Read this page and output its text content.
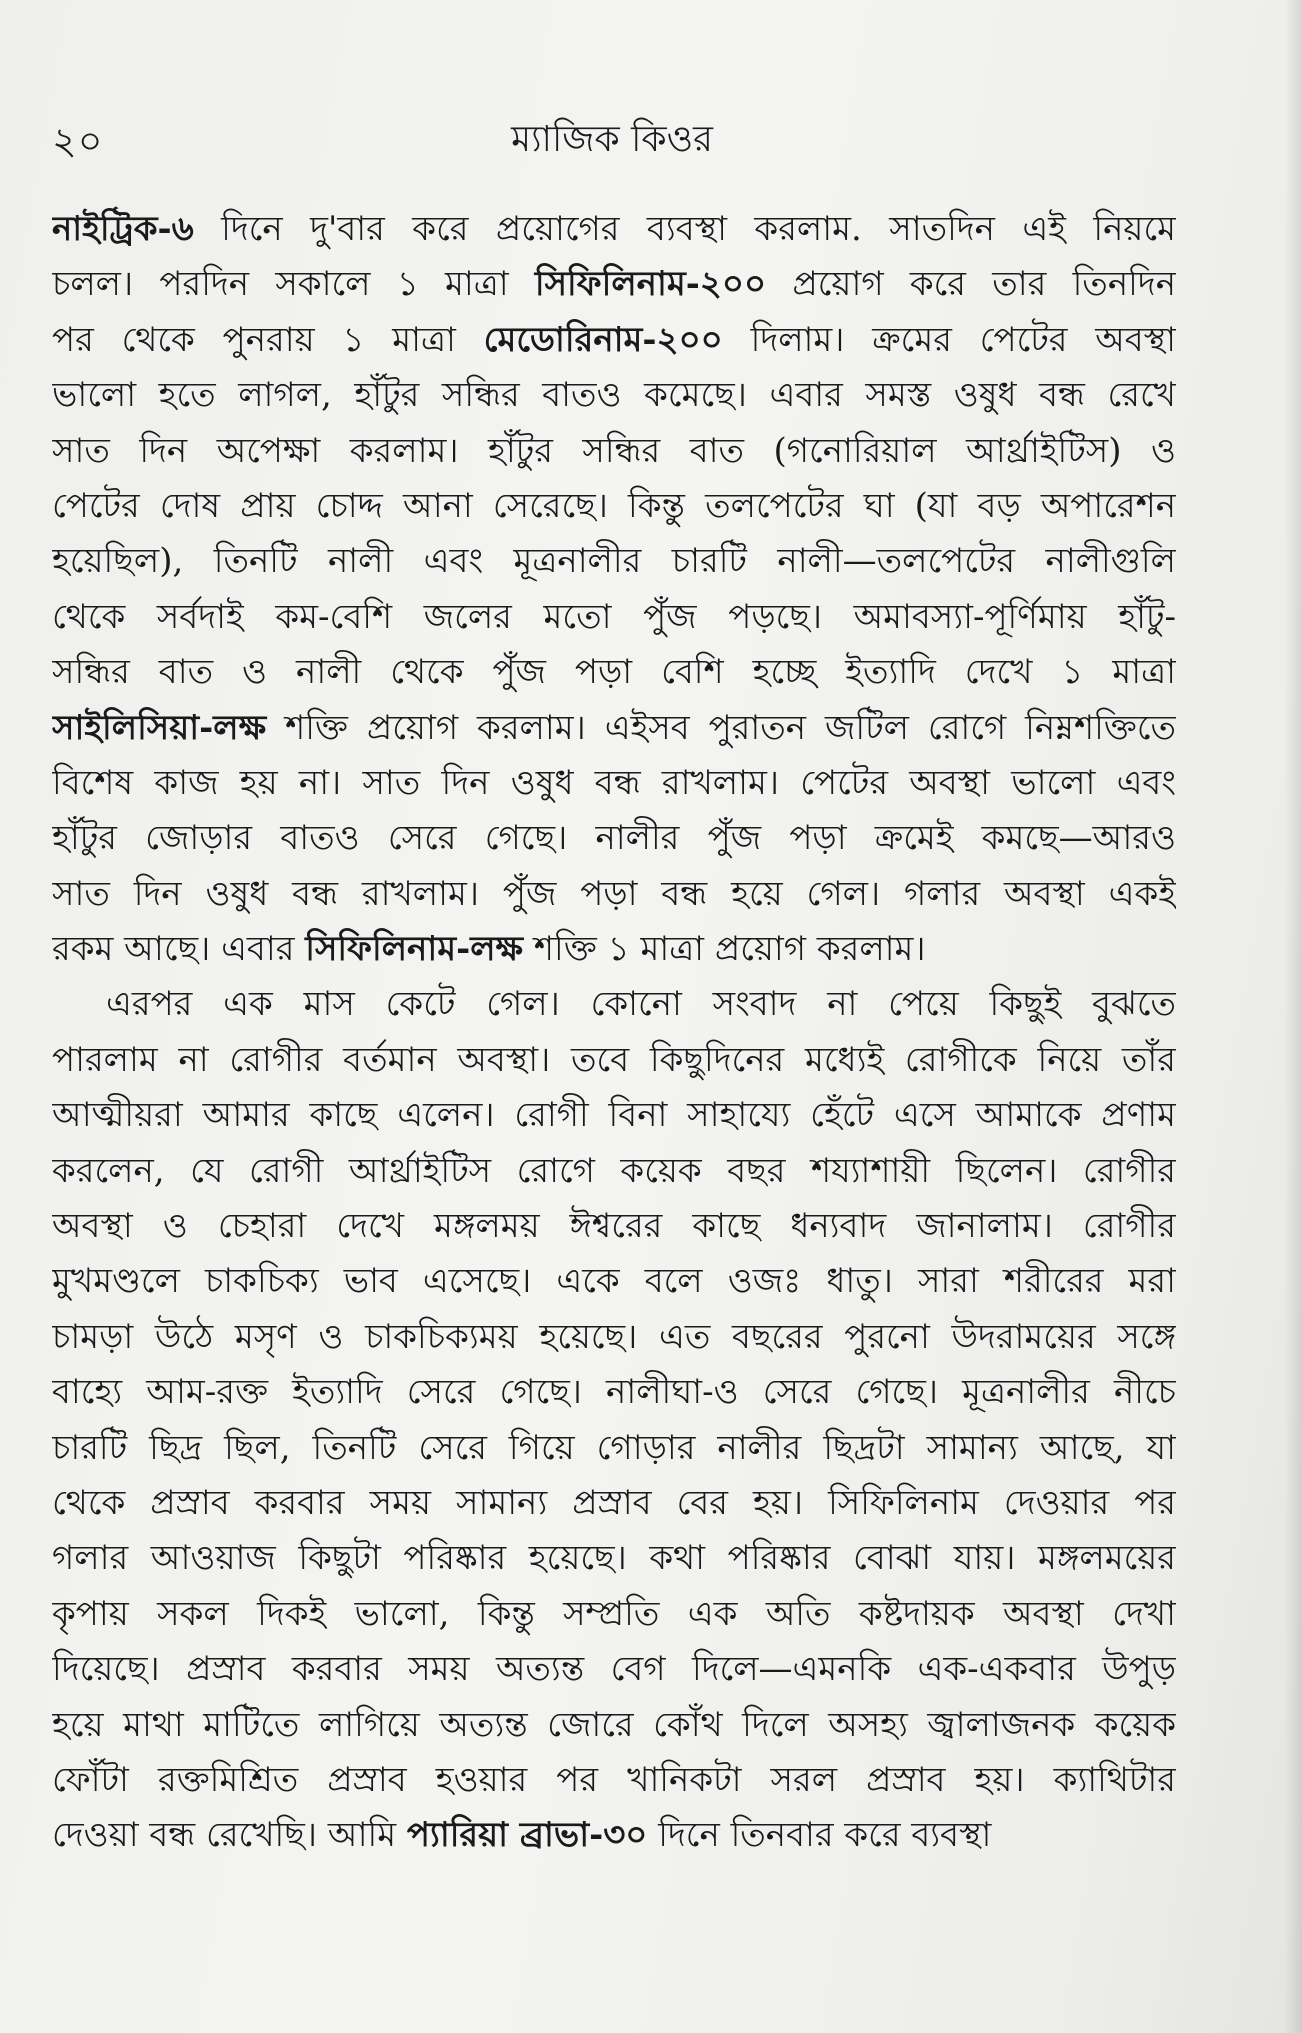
২০	ম্যাজিক কিওর
নাইট্রিক-৬ দিনে দু'বার করে প্রয়োগের ব্যবস্থা করলাম. সাতদিন এই নিয়মে
চলল। পরদিন সকালে ১ মাত্রা সিফিলিনাম-২০০ প্রয়োগ করে তার তিনদিন
পর থেকে পুনরায় ১ মাত্রা মেডোরিনাম-২০০ দিলাম। ক্রমের পেটের অবস্থা
ভালো হতে লাগল, হাঁটুর সন্ধির বাতও কমেছে। এবার সমস্ত ওষুধ বন্ধ রেখে
সাত দিন অপেক্ষা করলাম। হাঁটুর সন্ধির বাত (গনোরিয়াল আর্থ্রাইটিস) ও
পেটের দোষ প্রায় চোদ্দ আনা সেরেছে। কিন্তু তলপেটের ঘা (যা বড় অপারেশন
হয়েছিল), তিনটি নালী এবং মূত্রনালীর চারটি নালী—তলপেটের নালীগুলি
থেকে সর্বদাই কম-বেশি জলের মতো পুঁজ পড়ছে। অমাবস্যা-পূর্ণিমায় হাঁটু-
সন্ধির বাত ও নালী থেকে পুঁজ পড়া বেশি হচ্ছে ইত্যাদি দেখে ১ মাত্রা
সাইলিসিয়া-লক্ষ শক্তি প্রয়োগ করলাম। এইসব পুরাতন জটিল রোগে নিম্নশক্তিতে
বিশেষ কাজ হয় না। সাত দিন ওষুধ বন্ধ রাখলাম। পেটের অবস্থা ভালো এবং
হাঁটুর জোড়ার বাতও সেরে গেছে। নালীর পুঁজ পড়া ক্রমেই কমছে—আরও
সাত দিন ওষুধ বন্ধ রাখলাম। পুঁজ পড়া বন্ধ হয়ে গেল। গলার অবস্থা একই
রকম আছে। এবার সিফিলিনাম-লক্ষ শক্তি ১ মাত্রা প্রয়োগ করলাম।
এরপর এক মাস কেটে গেল। কোনো সংবাদ না পেয়ে কিছুই বুঝতে
পারলাম না রোগীর বর্তমান অবস্থা। তবে কিছুদিনের মধ্যেই রোগীকে নিয়ে তাঁর
আত্মীয়রা আমার কাছে এলেন। রোগী বিনা সাহায্যে হেঁটে এসে আমাকে প্রণাম
করলেন, যে রোগী আর্থ্রাইটিস রোগে কয়েক বছর শয্যাশায়ী ছিলেন। রোগীর
অবস্থা ও চেহারা দেখে মঙ্গলময় ঈশ্বরের কাছে ধন্যবাদ জানালাম। রোগীর
মুখমণ্ডলে চাকচিক্য ভাব এসেছে। একে বলে ওজঃ ধাতু। সারা শরীরের মরা
চামড়া উঠে মসৃণ ও চাকচিক্যময় হয়েছে। এত বছরের পুরনো উদরাময়ের সঙ্গে
বাহ্যে আম-রক্ত ইত্যাদি সেরে গেছে। নালীঘা-ও সেরে গেছে। মূত্রনালীর নীচে
চারটি ছিদ্র ছিল, তিনটি সেরে গিয়ে গোড়ার নালীর ছিদ্রটা সামান্য আছে, যা
থেকে প্রস্রাব করবার সময় সামান্য প্রস্রাব বের হয়। সিফিলিনাম দেওয়ার পর
গলার আওয়াজ কিছুটা পরিষ্কার হয়েছে। কথা পরিষ্কার বোঝা যায়। মঙ্গলময়ের
কৃপায় সকল দিকই ভালো, কিন্তু সম্প্রতি এক অতি কষ্টদায়ক অবস্থা দেখা
দিয়েছে। প্রস্রাব করবার সময় অত্যন্ত বেগ দিলে—এমনকি এক-একবার উপুড়
হয়ে মাথা মাটিতে লাগিয়ে অত্যন্ত জোরে কোঁথ দিলে অসহ্য জ্বালাজনক কয়েক
ফোঁটা রক্তমিশ্রিত প্রস্রাব হওয়ার পর খানিকটা সরল প্রস্রাব হয়। ক্যাথিটার
দেওয়া বন্ধ রেখেছি। আমি প্যারিয়া ব্রাভা-৩০ দিনে তিনবার করে ব্যবস্থা
